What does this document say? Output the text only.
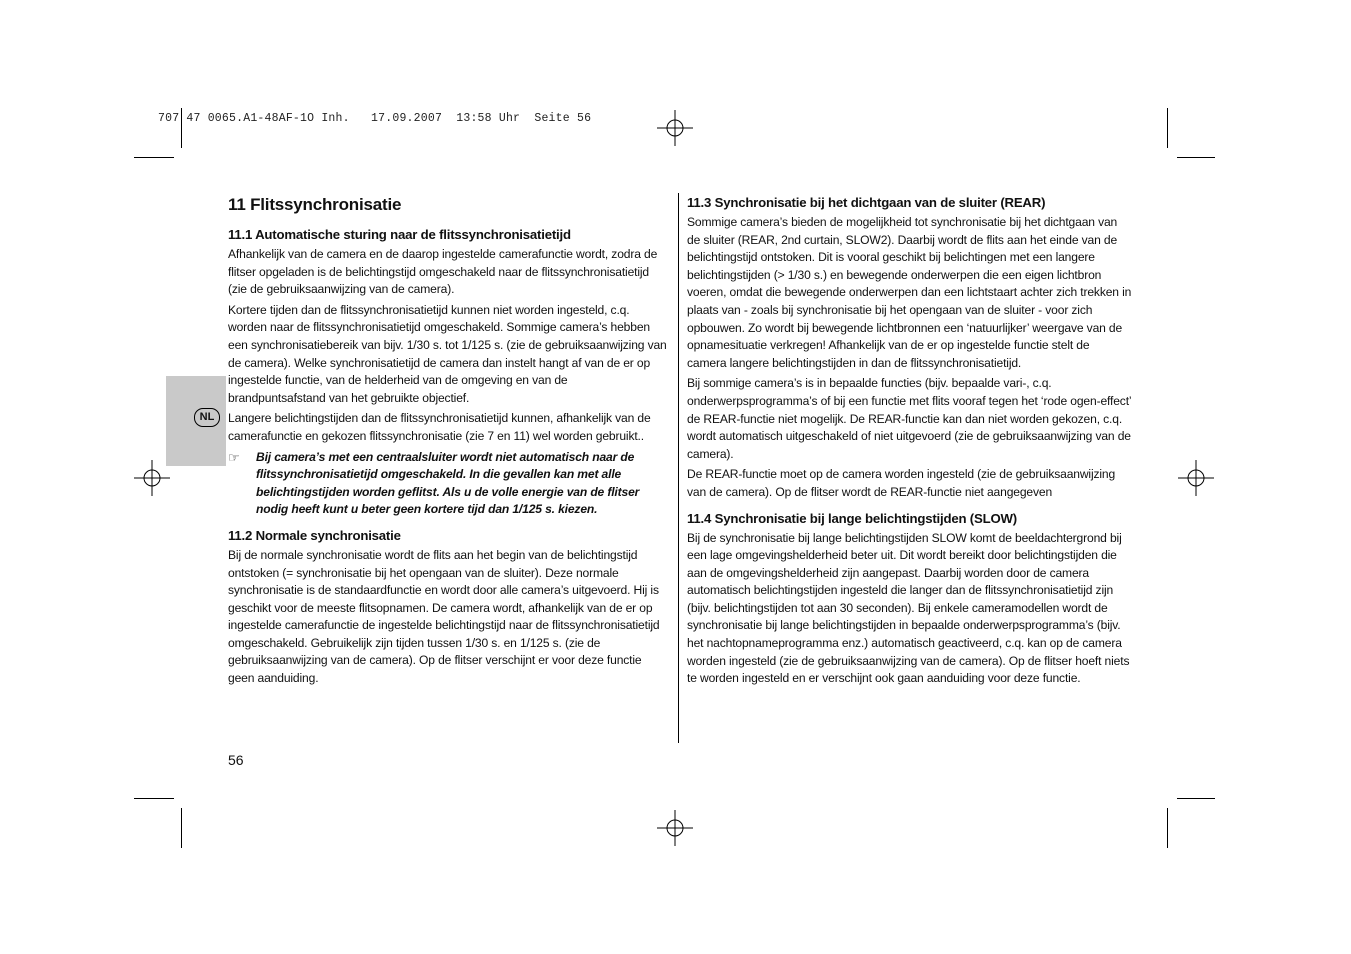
707 47 0065.A1-48AF-1O Inh.   17.09.2007  13:58 Uhr  Seite 56
NL
11 Flitssynchronisatie
11.1 Automatische sturing naar de flitssynchronisatietijd

Afhankelijk van de camera en de daarop ingestelde camerafunctie wordt, zodra de flitser opgeladen is de belichtingstijd omgeschakeld naar de flitssynchronisatietijd (zie de gebruiksaanwijzing van de camera).

Kortere tijden dan de flitssynchronisatietijd kunnen niet worden ingesteld, c.q. worden naar de flitssynchronisatietijd omgeschakeld. Sommige camera’s hebben een synchronisatiebereik van bijv. 1/30 s. tot 1/125 s. (zie de gebruiksaanwijzing van de camera). Welke synchronisatietijd de camera dan instelt hangt af van de er op ingestelde functie, van de helderheid van de omgeving en van de brandpuntsafstand van het gebruikte objectief.

Langere belichtingstijden dan de flitssynchronisatietijd kunnen, afhankelijk van de camerafunctie en gekozen flitssynchronisatie (zie 7 en 11) wel worden gebruikt..

☞	Bij camera’s met een centraalsluiter wordt niet automatisch naar de flitssynchronisatietijd omgeschakeld. In die gevallen kan met alle belichtingstijden worden geflitst. Als u de volle energie van de flitser nodig heeft kunt u beter geen kortere tijd dan 1/125 s. kiezen.
11.2 Normale synchronisatie

Bij de normale synchronisatie wordt de flits aan het begin van de belichtingstijd ontstoken (= synchronisatie bij het opengaan van de sluiter). Deze normale synchronisatie is de standaardfunctie en wordt door alle camera’s uitgevoerd. Hij is geschikt voor de meeste flitsopnamen. De camera wordt, afhankelijk van de er op ingestelde camerafunctie de ingestelde belichtingstijd naar de flitssynchronisatietijd omgeschakeld. Gebruikelijk zijn tijden tussen 1/30 s. en 1/125 s. (zie de gebruiksaanwijzing van de camera). Op de flitser verschijnt er voor deze functie geen aanduiding.

11.3 Synchronisatie bij het dichtgaan van de sluiter (REAR)

Sommige camera’s bieden de mogelijkheid tot synchronisatie bij het dichtgaan van de sluiter (REAR, 2nd curtain, SLOW2). Daarbij wordt de flits aan het einde van de belichtingstijd ontstoken. Dit is vooral geschikt bij belichtingen met een langere belichtingstijden (> 1/30 s.) en bewegende onderwerpen die een eigen lichtbron voeren, omdat die bewegende onderwerpen dan een lichtstaart achter zich trekken in plaats van - zoals bij synchronisatie bij het opengaan van de sluiter - voor zich opbouwen. Zo wordt bij bewegende lichtbronnen een ‘natuurlijker’ weergave van de opnamesituatie verkregen! Afhankelijk van de er op ingestelde functie stelt de camera langere belichtingstijden in dan de flitssynchronisatietijd.

Bij sommige camera’s is in bepaalde functies (bijv. bepaalde vari-, c.q. onderwerpsprogramma’s of bij een functie met flits vooraf tegen het ‘rode ogen-effect’ de REAR-functie niet mogelijk. De REAR-functie kan dan niet worden gekozen, c.q. wordt automatisch uitgeschakeld of niet uitgevoerd (zie de gebruiksaanwijzing van de camera).

De REAR-functie moet op de camera worden ingesteld (zie de gebruiksaanwijzing van de camera). Op de flitser wordt de REAR-functie niet aangegeven

11.4 Synchronisatie bij lange belichtingstijden (SLOW)

Bij de synchronisatie bij lange belichtingstijden SLOW komt de beeldachtergrond bij een lage omgevingshelderheid beter uit. Dit wordt bereikt door belichtingstijden die aan de omgevingshelderheid zijn aangepast. Daarbij worden door de camera automatisch belichtingstijden ingesteld die langer dan de flitssynchronisatietijd zijn (bijv. belichtingstijden tot aan 30 seconden). Bij enkele cameramodellen wordt de synchronisatie bij lange belichtingstijden in bepaalde onderwerpsprogramma’s (bijv. het nachtopnameprogramma enz.) automatisch geactiveerd, c.q. kan op de camera worden ingesteld (zie de gebruiksaanwijzing van de camera). Op de flitser hoeft niets te worden ingesteld en er verschijnt ook gaan aanduiding voor deze functie.

56
